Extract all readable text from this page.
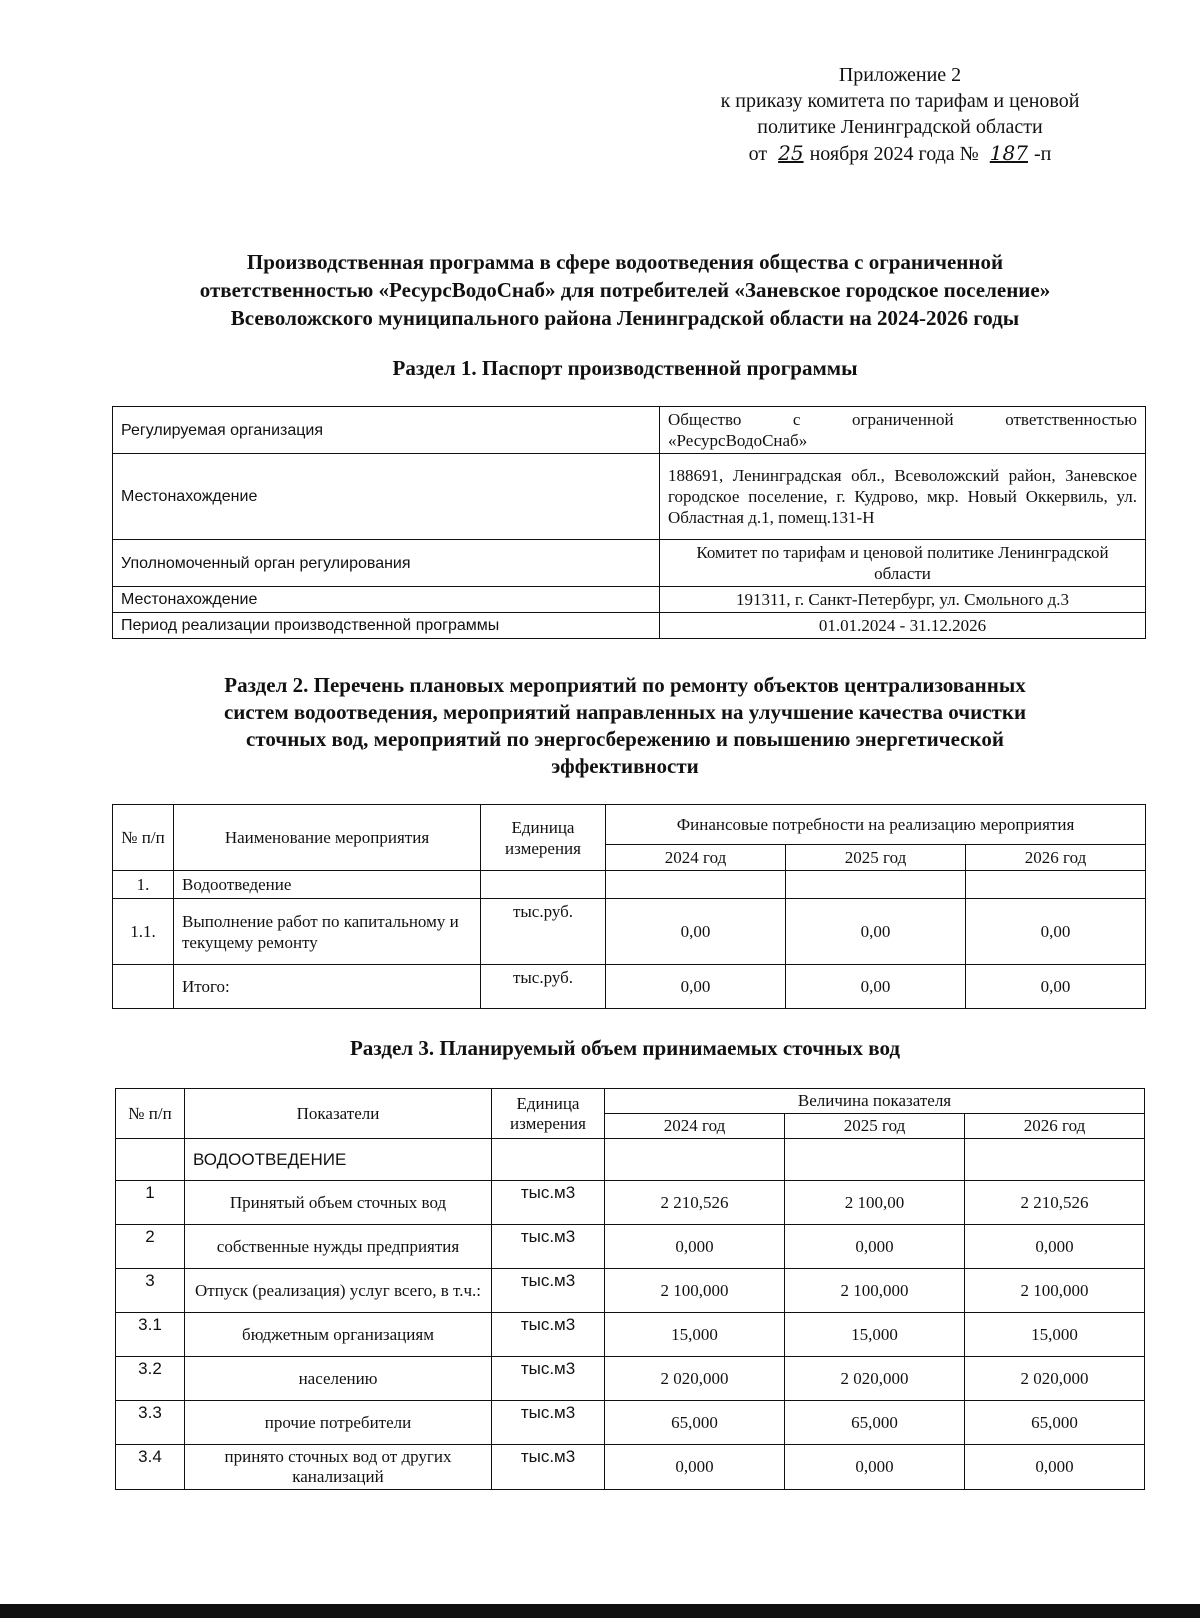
Приложение 2
к приказу комитета по тарифам и ценовой
политике Ленинградской области
от 25 ноября 2024 года № 187 -п
Производственная программа в сфере водоотведения общества с ограниченной
ответственностью «РесурсВодоСнаб» для потребителей «Заневское городское поселение»
Всеволожского муниципального района Ленинградской области на 2024-2026 годы
Раздел 1. Паспорт производственной программы
Регулируемая организация	Общество с ограниченной ответственностью «РесурсВодоСнаб»
Местонахождение	188691, Ленинградская обл., Всеволожский район, Заневское городское поселение, г. Кудрово, мкр. Новый Оккервиль, ул. Областная д.1, помещ.131-Н
Уполномоченный орган регулирования	Комитет по тарифам и ценовой политике Ленинградской области
Местонахождение	191311, г. Санкт-Петербург, ул. Смольного д.3
Период реализации производственной программы	01.01.2024 - 31.12.2026
Раздел 2. Перечень плановых мероприятий по ремонту объектов централизованных
систем водоотведения, мероприятий направленных на улучшение качества очистки
сточных вод, мероприятий по энергосбережению и повышению энергетической
эффективности
№ п/п	Наименование мероприятия	Единица измерения	Финансовые потребности на реализацию мероприятия		
			2024 год	2025 год	2026 год
1.	Водоотведение				
1.1.	Выполнение работ по капитальному и текущему ремонту	тыс.руб.	0,00	0,00	0,00
	Итого:	тыс.руб.	0,00	0,00	0,00
Раздел 3. Планируемый объем принимаемых сточных вод
№ п/п	Показатели	Единица измерения	Величина показателя		
			2024 год	2025 год	2026 год
	ВОДООТВЕДЕНИЕ				
1	Принятый объем сточных вод	тыс.м3	2 210,526	2 100,00	2 210,526
2	собственные нужды предприятия	тыс.м3	0,000	0,000	0,000
3	Отпуск (реализация) услуг всего, в т.ч.:	тыс.м3	2 100,000	2 100,000	2 100,000
3.1	бюджетным организациям	тыс.м3	15,000	15,000	15,000
3.2	населению	тыс.м3	2 020,000	2 020,000	2 020,000
3.3	прочие потребители	тыс.м3	65,000	65,000	65,000
3.4	принято сточных вод от других канализаций	тыс.м3	0,000	0,000	0,000
